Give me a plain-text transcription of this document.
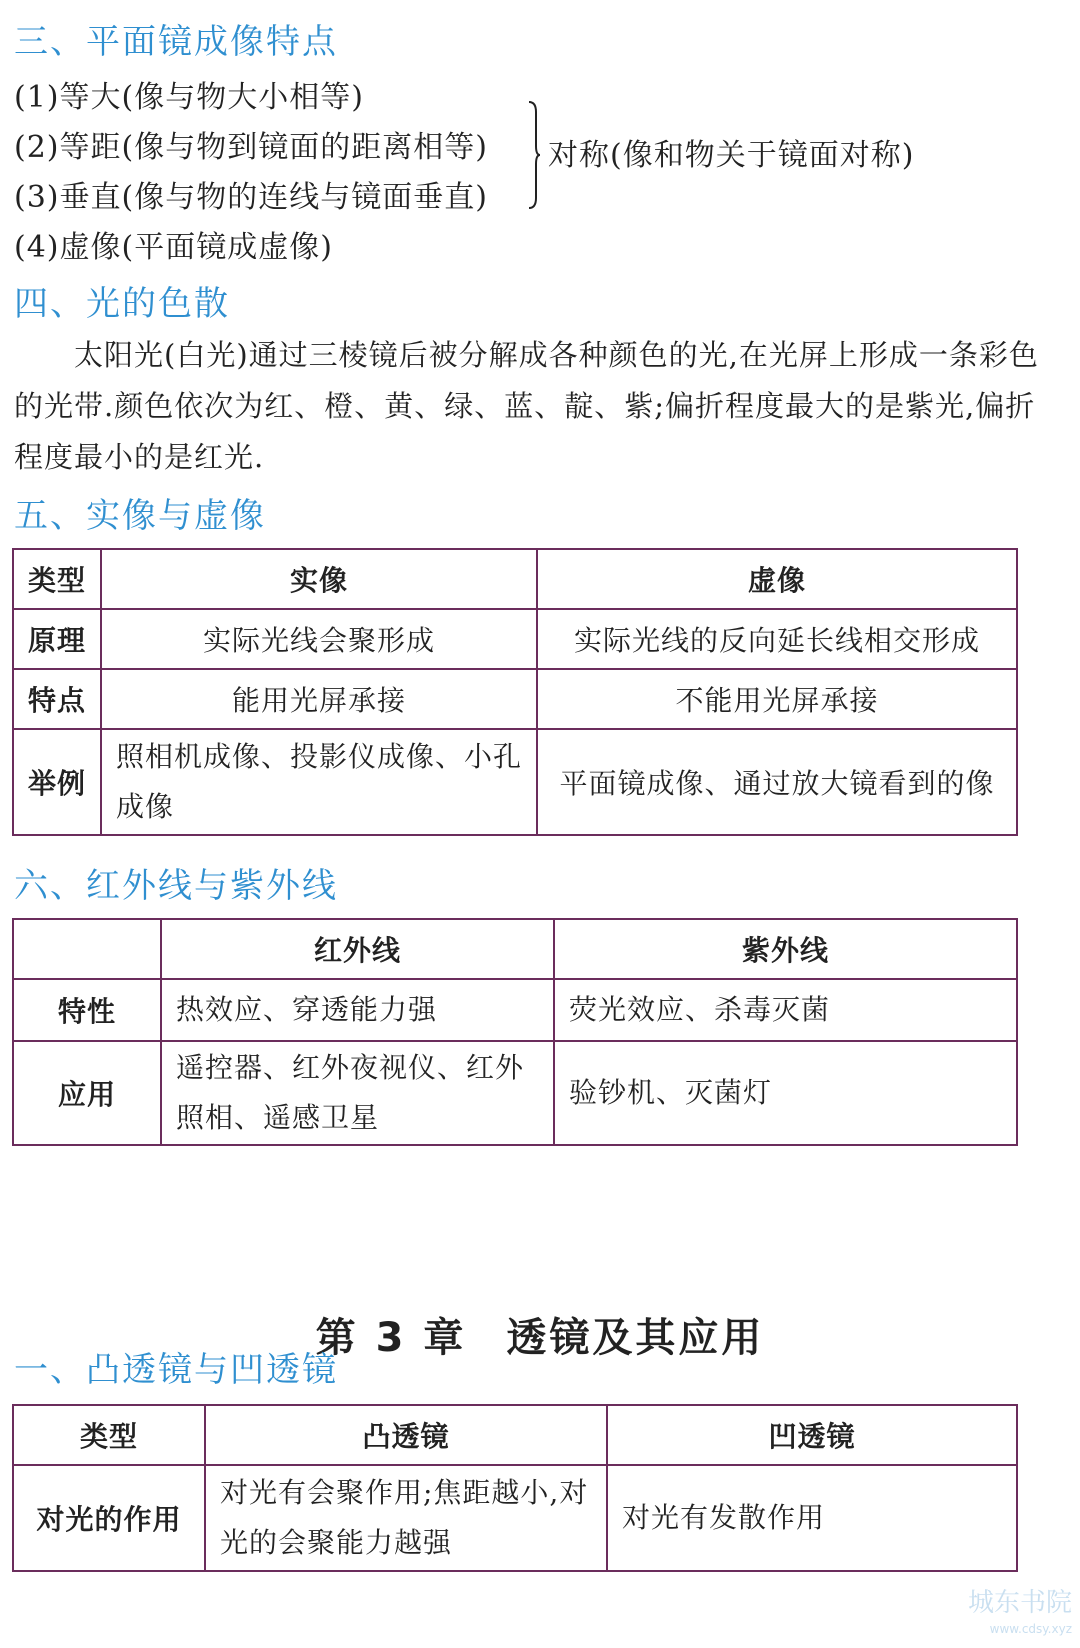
三、平面镜成像特点
(1)等大(像与物大小相等)
(2)等距(像与物到镜面的距离相等)
(3)垂直(像与物的连线与镜面垂直)
(4)虚像(平面镜成虚像)
对称(像和物关于镜面对称)
四、光的色散
太阳光(白光)通过三棱镜后被分解成各种颜色的光,在光屏上形成一条彩色的光带.颜色依次为红、橙、黄、绿、蓝、靛、紫;偏折程度最大的是紫光,偏折程度最小的是红光.
五、实像与虚像
类型	实像	虚像
原理	实际光线会聚形成	实际光线的反向延长线相交形成
特点	能用光屏承接	不能用光屏承接
举例	照相机成像、投影仪成像、小孔成像	平面镜成像、通过放大镜看到的像
六、红外线与紫外线
	红外线	紫外线
特性	热效应、穿透能力强	荧光效应、杀毒灭菌
应用	遥控器、红外夜视仪、红外照相、遥感卫星	验钞机、灭菌灯
第 3 章 透镜及其应用
一、凸透镜与凹透镜
类型	凸透镜	凹透镜
对光的作用	对光有会聚作用;焦距越小,对光的会聚能力越强	对光有发散作用
城东书院
www.cdsy.xyz
